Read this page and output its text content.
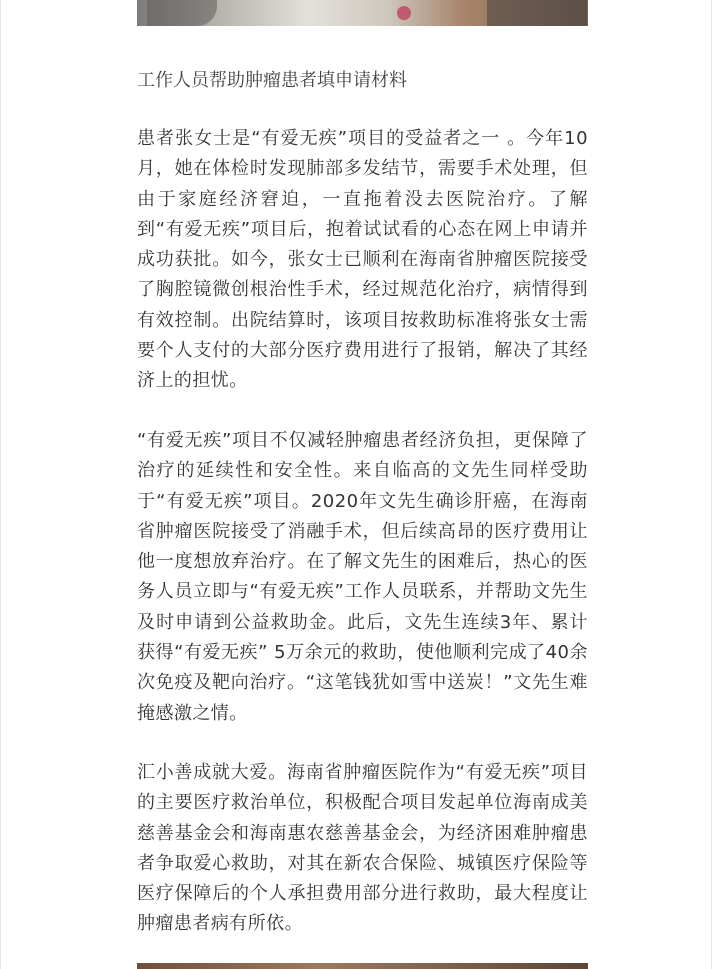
工作人员帮助肿瘤患者填申请材料

患者张女士是“有爱无疾”项目的受益者之一 。今年10月，她在体检时发现肺部多发结节，需要手术处理，但由于家庭经济窘迫，一直拖着没去医院治疗。了解到“有爱无疾”项目后，抱着试试看的心态在网上申请并成功获批。如今，张女士已顺利在海南省肿瘤医院接受了胸腔镜微创根治性手术，经过规范化治疗，病情得到有效控制。出院结算时，该项目按救助标准将张女士需要个人支付的大部分医疗费用进行了报销，解决了其经济上的担忧。

“有爱无疾”项目不仅减轻肿瘤患者经济负担，更保障了治疗的延续性和安全性。来自临高的文先生同样受助于“有爱无疾”项目。2020年文先生确诊肝癌，在海南省肿瘤医院接受了消融手术，但后续高昂的医疗费用让他一度想放弃治疗。在了解文先生的困难后，热心的医务人员立即与“有爱无疾”工作人员联系，并帮助文先生及时申请到公益救助金。此后，文先生连续3年、累计获得“有爱无疾” 5万余元的救助，使他顺利完成了40余次免疫及靶向治疗。“这笔钱犹如雪中送炭！”文先生难掩感激之情。

汇小善成就大爱。海南省肿瘤医院作为“有爱无疾”项目的主要医疗救治单位，积极配合项目发起单位海南成美慈善基金会和海南惠农慈善基金会，为经济困难肿瘤患者争取爱心救助，对其在新农合保险、城镇医疗保险等医疗保障后的个人承担费用部分进行救助，最大程度让肿瘤患者病有所依。
